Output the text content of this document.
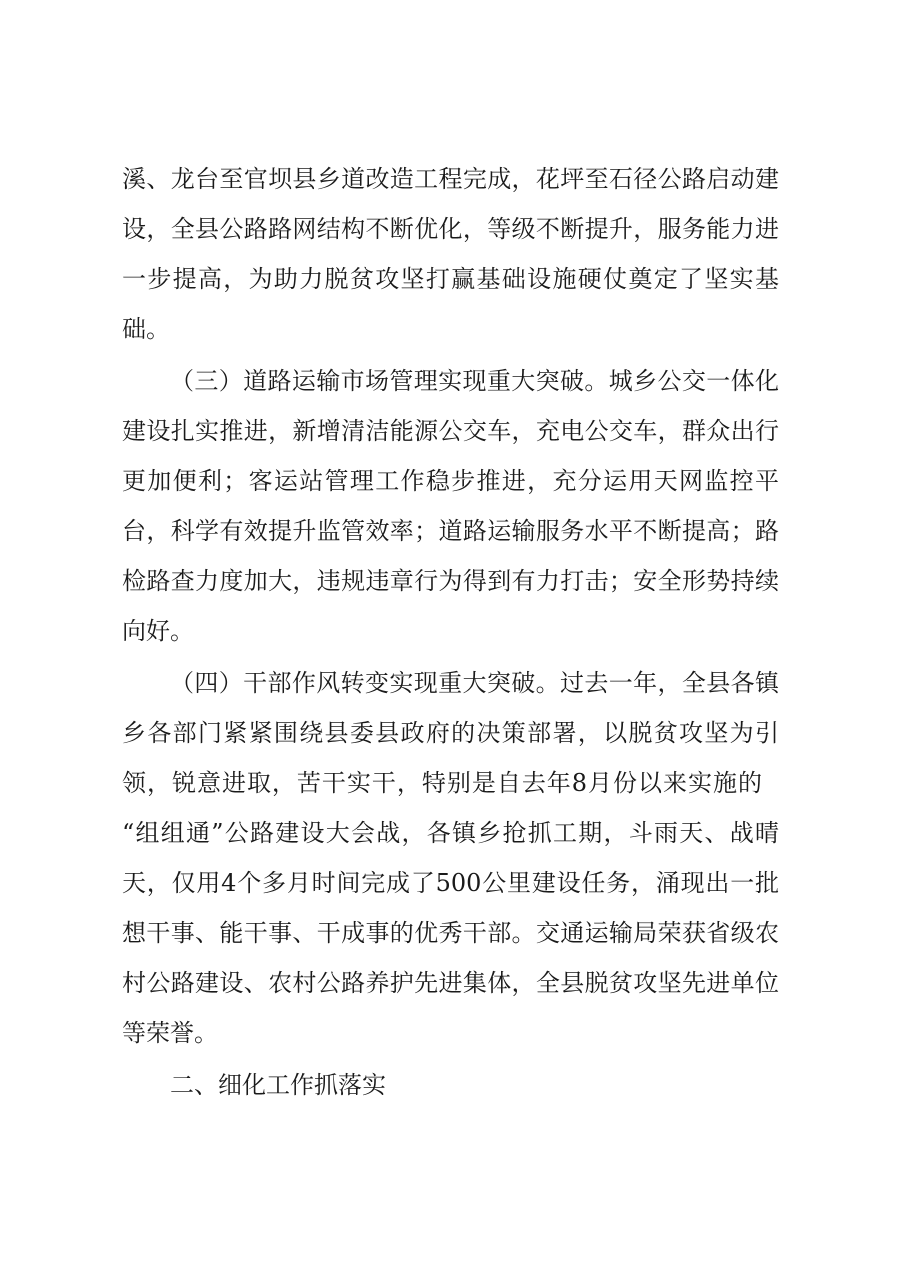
溪、龙台至官坝县乡道改造工程完成，花坪至石径公路启动建
设，全县公路路网结构不断优化，等级不断提升，服务能力进
一步提高，为助力脱贫攻坚打赢基础设施硬仗奠定了坚实基
础。
（三）道路运输市场管理实现重大突破。城乡公交一体化
建设扎实推进，新增清洁能源公交车，充电公交车，群众出行
更加便利；客运站管理工作稳步推进，充分运用天网监控平
台，科学有效提升监管效率；道路运输服务水平不断提高；路
检路查力度加大，违规违章行为得到有力打击；安全形势持续
向好。
（四）干部作风转变实现重大突破。过去一年，全县各镇
乡各部门紧紧围绕县委县政府的决策部署，以脱贫攻坚为引
领，锐意进取，苦干实干，特别是自去年8月份以来实施的
“组组通”公路建设大会战，各镇乡抢抓工期，斗雨天、战晴
天，仅用4个多月时间完成了500公里建设任务，涌现出一批
想干事、能干事、干成事的优秀干部。交通运输局荣获省级农
村公路建设、农村公路养护先进集体，全县脱贫攻坚先进单位
等荣誉。
二、细化工作抓落实
